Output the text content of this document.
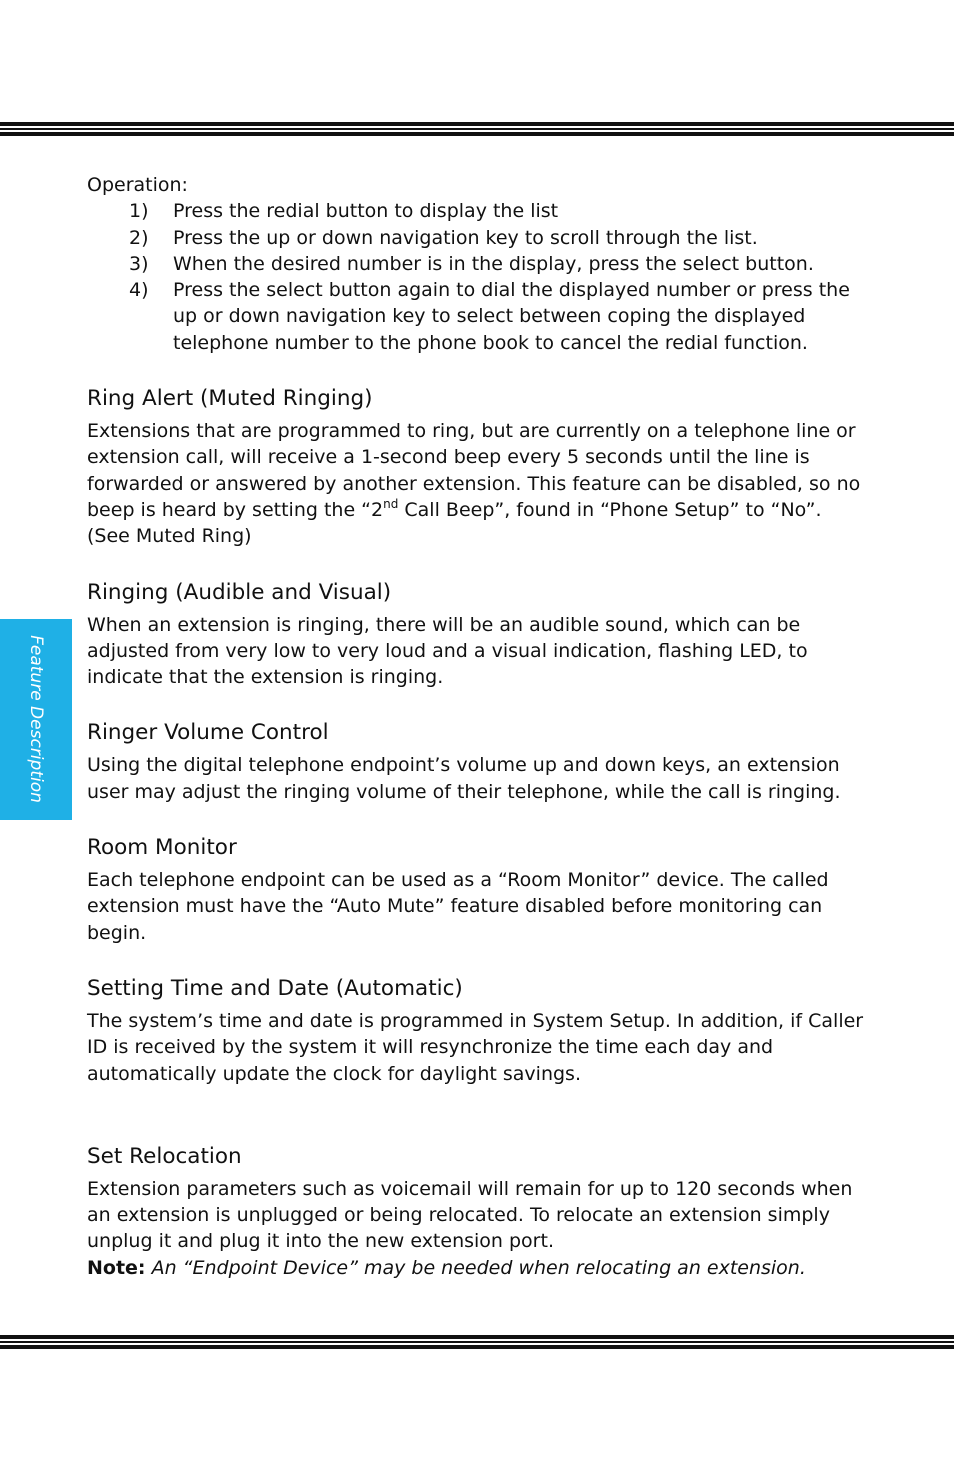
Feature Description

Operation:

1) Press the redial button to display the list
2) Press the up or down navigation key to scroll through the list.
3) When the desired number is in the display, press the select button.
4) Press the select button again to dial the displayed number or press the up or down navigation key to select between coping the displayed telephone number to the phone book to cancel the redial function.
Ring Alert (Muted Ringing)

Extensions that are programmed to ring, but are currently on a telephone line or extension call, will receive a 1-second beep every 5 seconds until the line is forwarded or answered by another extension. This feature can be disabled, so no beep is heard by setting the “2nd Call Beep”, found in “Phone Setup” to “No”.

(See Muted Ring)

Ringing (Audible and Visual)

When an extension is ringing, there will be an audible sound, which can be adjusted from very low to very loud and a visual indication, flashing LED, to indicate that the extension is ringing.

Ringer Volume Control

Using the digital telephone endpoint’s volume up and down keys, an extension user may adjust the ringing volume of their telephone, while the call is ringing.

Room Monitor

Each telephone endpoint can be used as a “Room Monitor” device. The called extension must have the “Auto Mute” feature disabled before monitoring can begin.

Setting Time and Date (Automatic)

The system’s time and date is programmed in System Setup. In addition, if Caller ID is received by the system it will resynchronize the time each day and automatically update the clock for daylight savings.

Set Relocation

Extension parameters such as voicemail will remain for up to 120 seconds when an extension is unplugged or being relocated. To relocate an extension simply unplug it and plug it into the new extension port.

Note: An “Endpoint Device” may be needed when relocating an extension.
